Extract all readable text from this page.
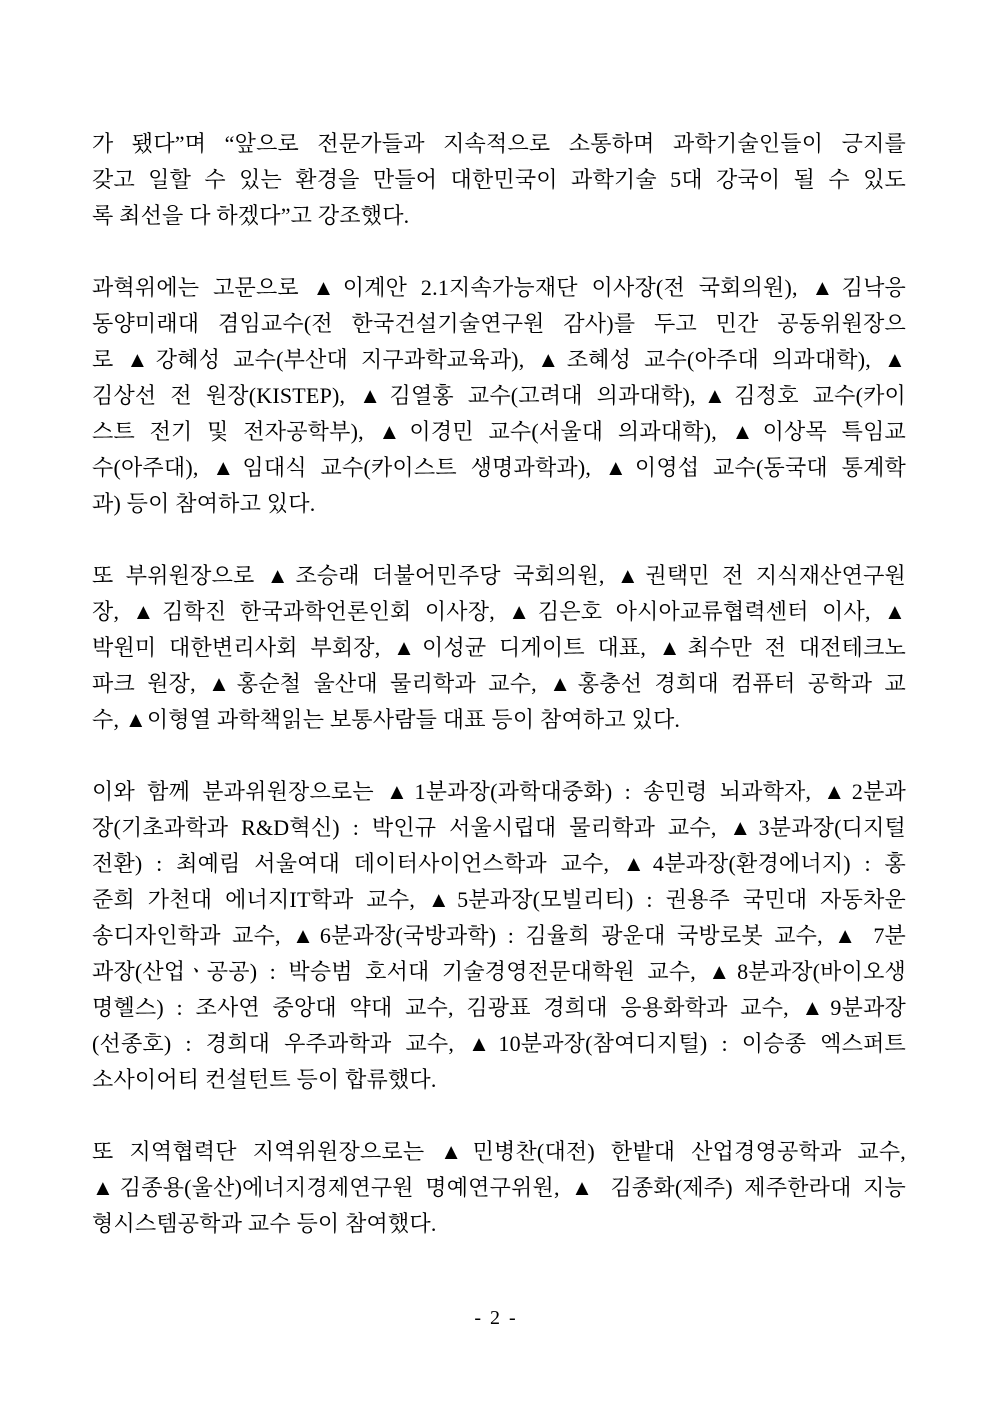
가 됐다”며 “앞으로 전문가들과 지속적으로 소통하며 과학기술인들이 긍지를
갖고 일할 수 있는 환경을 만들어 대한민국이 과학기술 5대 강국이 될 수 있도
록 최선을 다 하겠다”고 강조했다.
과혁위에는 고문으로 ▲이계안 2.1지속가능재단 이사장(전 국회의원), ▲김낙응
동양미래대 겸임교수(전 한국건설기술연구원 감사)를 두고 민간 공동위원장으
로 ▲강혜성 교수(부산대 지구과학교육과), ▲조혜성 교수(아주대 의과대학), ▲
김상선 전 원장(KISTEP), ▲김열홍 교수(고려대 의과대학),▲김정호 교수(카이
스트 전기 및 전자공학부), ▲이경민 교수(서울대 의과대학), ▲이상목 특임교
수(아주대), ▲임대식 교수(카이스트 생명과학과), ▲이영섭 교수(동국대 통계학
과) 등이 참여하고 있다.
또 부위원장으로 ▲조승래 더불어민주당 국회의원, ▲권택민 전 지식재산연구원
장, ▲김학진 한국과학언론인회 이사장, ▲김은호 아시아교류협력센터 이사, ▲
박원미 대한변리사회 부회장, ▲이성균 디게이트 대표, ▲최수만 전 대전테크노
파크 원장, ▲홍순철 울산대 물리학과 교수, ▲홍충선 경희대 컴퓨터 공학과 교
수, ▲이형열 과학책읽는 보통사람들 대표 등이 참여하고 있다.
이와 함께 분과위원장으로는 ▲1분과장(과학대중화) : 송민령 뇌과학자, ▲2분과
장(기초과학과 R&D혁신) : 박인규 서울시립대 물리학과 교수, ▲3분과장(디지털
전환) : 최예림 서울여대 데이터사이언스학과 교수, ▲4분과장(환경에너지) : 홍
준희 가천대 에너지IT학과 교수, ▲5분과장(모빌리티) : 권용주 국민대 자동차운
송디자인학과 교수, ▲6분과장(국방과학) : 김율희 광운대 국방로봇 교수, ▲ 7분
과장(산업ㆍ공공) : 박승범 호서대 기술경영전문대학원 교수, ▲8분과장(바이오생
명헬스) : 조사연 중앙대 약대 교수, 김광표 경희대 응용화학과 교수, ▲9분과장
(선종호) : 경희대 우주과학과 교수, ▲10분과장(참여디지털) : 이승종 엑스퍼트
소사이어티 컨설턴트 등이 합류했다.
또 지역협력단 지역위원장으로는 ▲민병찬(대전) 한밭대 산업경영공학과 교수,
▲김종용(울산)에너지경제연구원 명예연구위원, ▲ 김종화(제주) 제주한라대 지능
형시스템공학과 교수 등이 참여했다.
- 2 -
